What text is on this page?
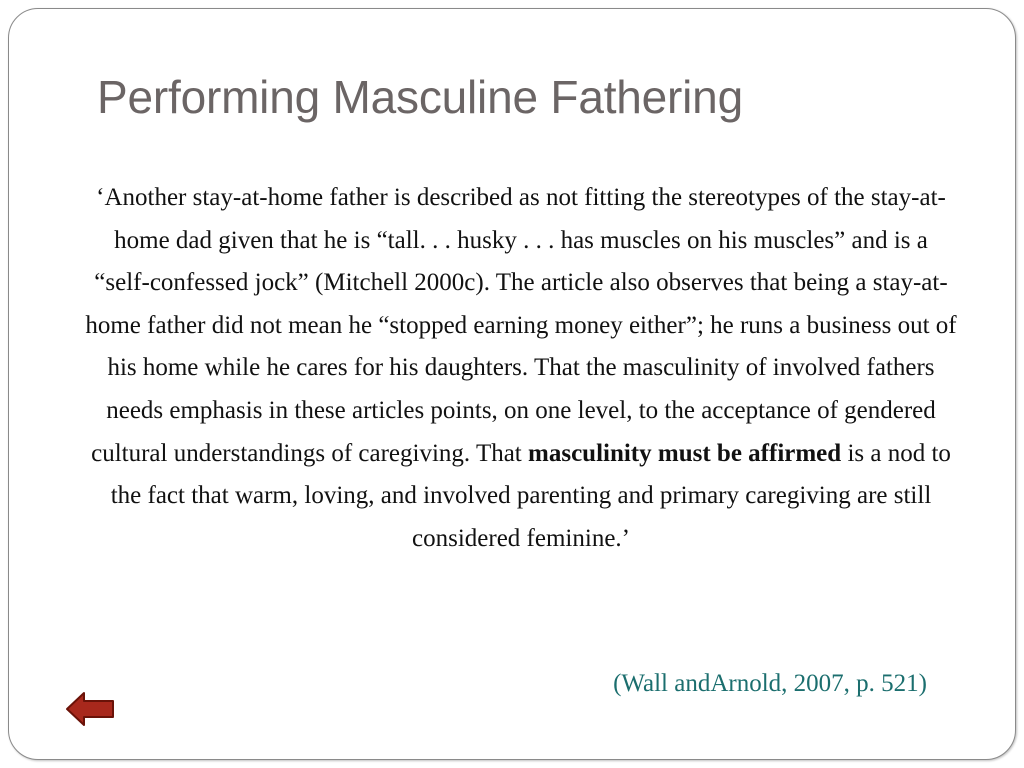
Performing Masculine Fathering

‘Another stay-at-home father is described as not fitting the stereotypes of the stay-at-home dad given that he is “tall. . . husky . . . has muscles on his muscles” and is a “self-confessed jock” (Mitchell 2000c). The article also observes that being a stay-at-home father did not mean he “stopped earning money either”; he runs a business out of his home while he cares for his daughters. That the masculinity of involved fathers needs emphasis in these articles points, on one level, to the acceptance of gendered cultural understandings of caregiving. That masculinity must be affirmed is a nod to the fact that warm, loving, and involved parenting and primary caregiving are still considered feminine.’

(Wall andArnold, 2007, p. 521)
